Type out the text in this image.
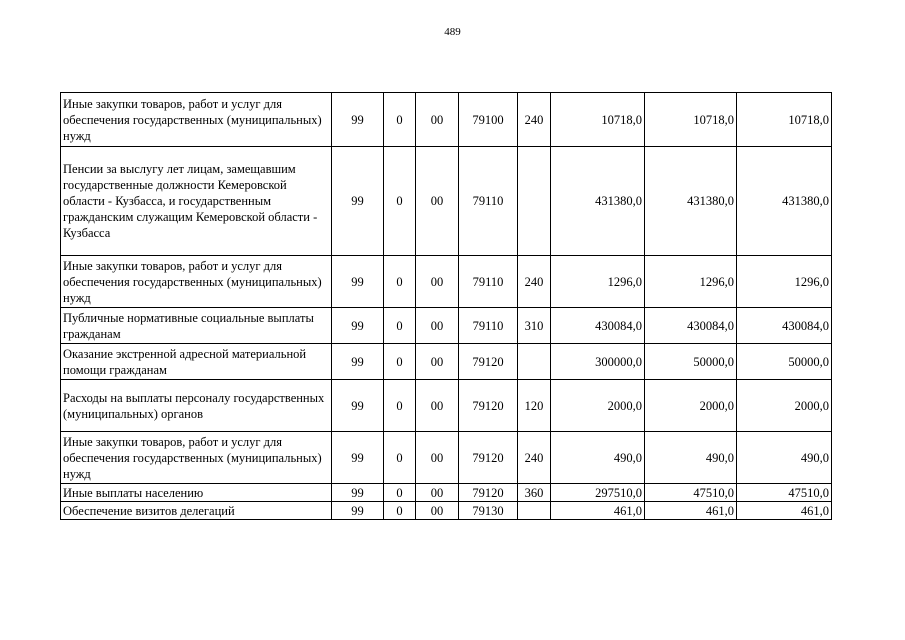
489
Иные закупки товаров, работ и услуг для обеспечения государственных (муниципальных) нужд	99	0	00	79100	240	10718,0	10718,0	10718,0
Пенсии за выслугу лет лицам, замещавшим государственные должности Кемеровской области - Кузбасса, и государственным гражданским служащим Кемеровской области - Кузбасса	99	0	00	79110		431380,0	431380,0	431380,0
Иные закупки товаров, работ и услуг для обеспечения государственных (муниципальных) нужд	99	0	00	79110	240	1296,0	1296,0	1296,0
Публичные нормативные социальные выплаты гражданам	99	0	00	79110	310	430084,0	430084,0	430084,0
Оказание экстренной адресной материальной помощи гражданам	99	0	00	79120		300000,0	50000,0	50000,0
Расходы на выплаты персоналу государственных (муниципальных) органов	99	0	00	79120	120	2000,0	2000,0	2000,0
Иные закупки товаров, работ и услуг для обеспечения государственных (муниципальных) нужд	99	0	00	79120	240	490,0	490,0	490,0
Иные выплаты населению	99	0	00	79120	360	297510,0	47510,0	47510,0
Обеспечение визитов делегаций	99	0	00	79130		461,0	461,0	461,0
